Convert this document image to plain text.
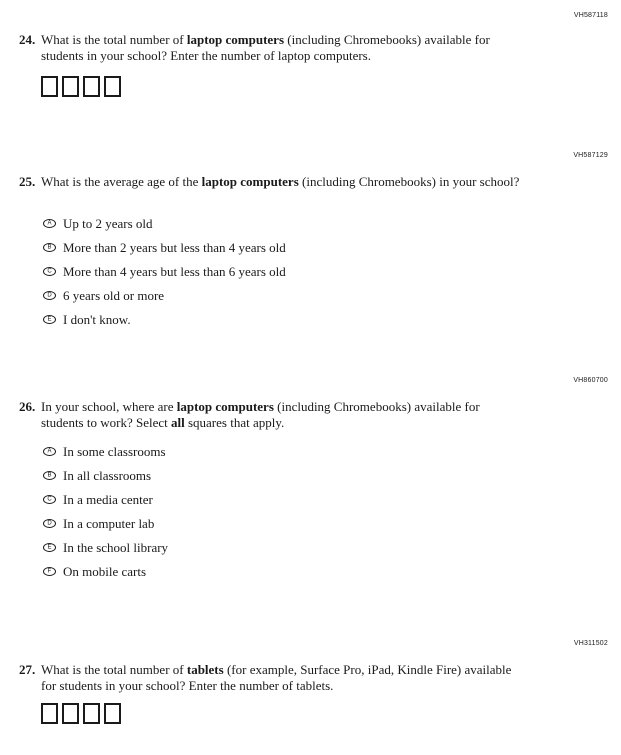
VH587118
24. What is the total number of laptop computers (including Chromebooks) available for students in your school? Enter the number of laptop computers.
VH587129
25. What is the average age of the laptop computers (including Chromebooks) in your school?
A Up to 2 years old
B More than 2 years but less than 4 years old
C More than 4 years but less than 6 years old
D 6 years old or more
E I don't know.
VH860700
26. In your school, where are laptop computers (including Chromebooks) available for students to work? Select all squares that apply.
A In some classrooms
B In all classrooms
C In a media center
D In a computer lab
E In the school library
F On mobile carts
VH311502
27. What is the total number of tablets (for example, Surface Pro, iPad, Kindle Fire) available for students in your school? Enter the number of tablets.
